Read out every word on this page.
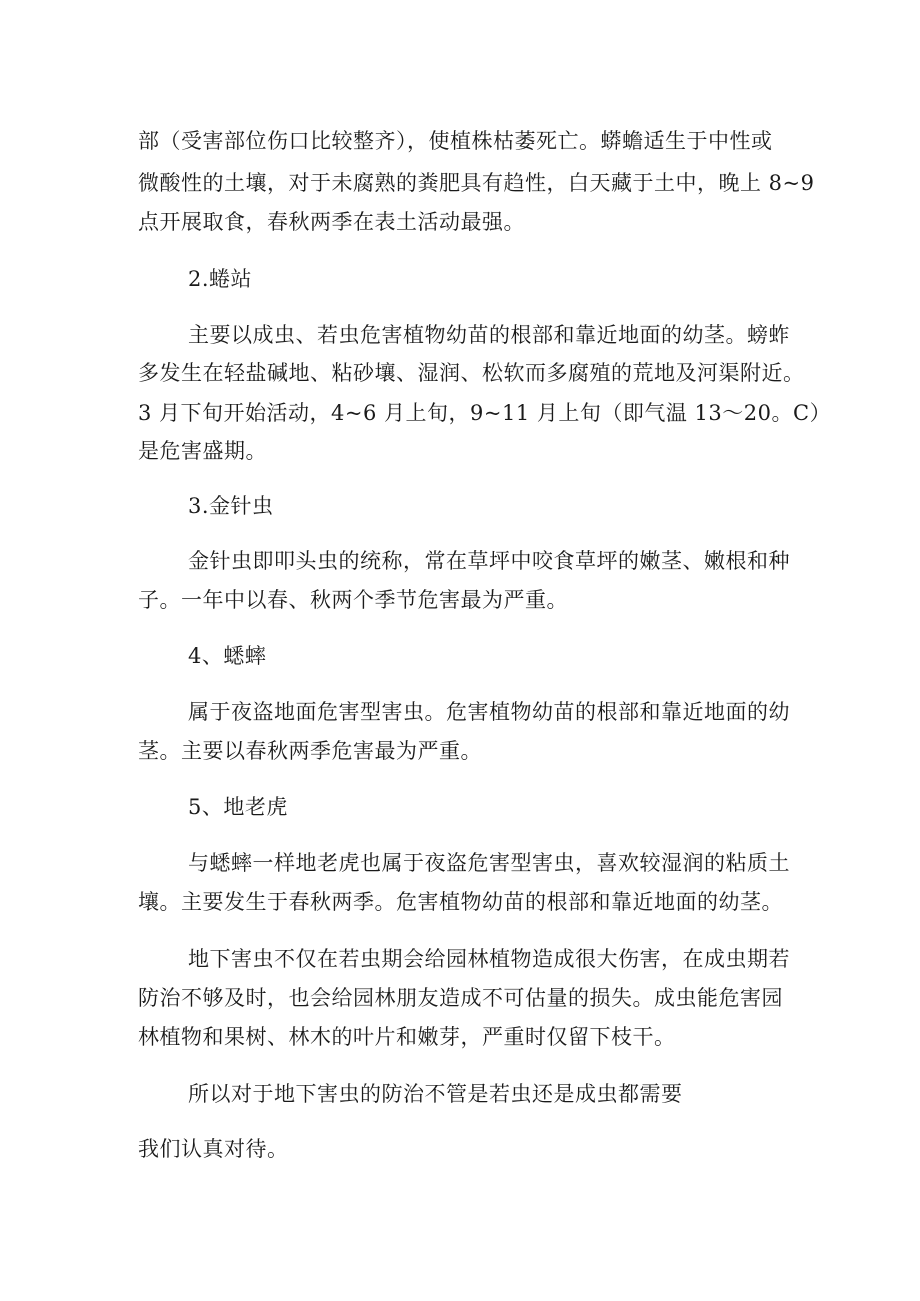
部（受害部位伤口比较整齐），使植株枯萎死亡。蟒蟾适生于中性或
微酸性的土壤，对于未腐熟的粪肥具有趋性，白天藏于土中，晚上 8~9
点开展取食，春秋两季在表土活动最强。
2.蜷站
主要以成虫、若虫危害植物幼苗的根部和靠近地面的幼茎。螃蚱
多发生在轻盐碱地、粘砂壤、湿润、松软而多腐殖的荒地及河渠附近。
3 月下旬开始活动，4~6 月上旬，9~11 月上旬（即气温 13～20。C）
是危害盛期。
3.金针虫
金针虫即叩头虫的统称，常在草坪中咬食草坪的嫩茎、嫩根和种
子。一年中以春、秋两个季节危害最为严重。
4、蟋蟀
属于夜盗地面危害型害虫。危害植物幼苗的根部和靠近地面的幼
茎。主要以春秋两季危害最为严重。
5、地老虎
与蟋蟀一样地老虎也属于夜盗危害型害虫，喜欢较湿润的粘质土
壤。主要发生于春秋两季。危害植物幼苗的根部和靠近地面的幼茎。
地下害虫不仅在若虫期会给园林植物造成很大伤害，在成虫期若
防治不够及时，也会给园林朋友造成不可估量的损失。成虫能危害园
林植物和果树、林木的叶片和嫩芽，严重时仅留下枝干。
所以对于地下害虫的防治不管是若虫还是成虫都需要
我们认真对待。
